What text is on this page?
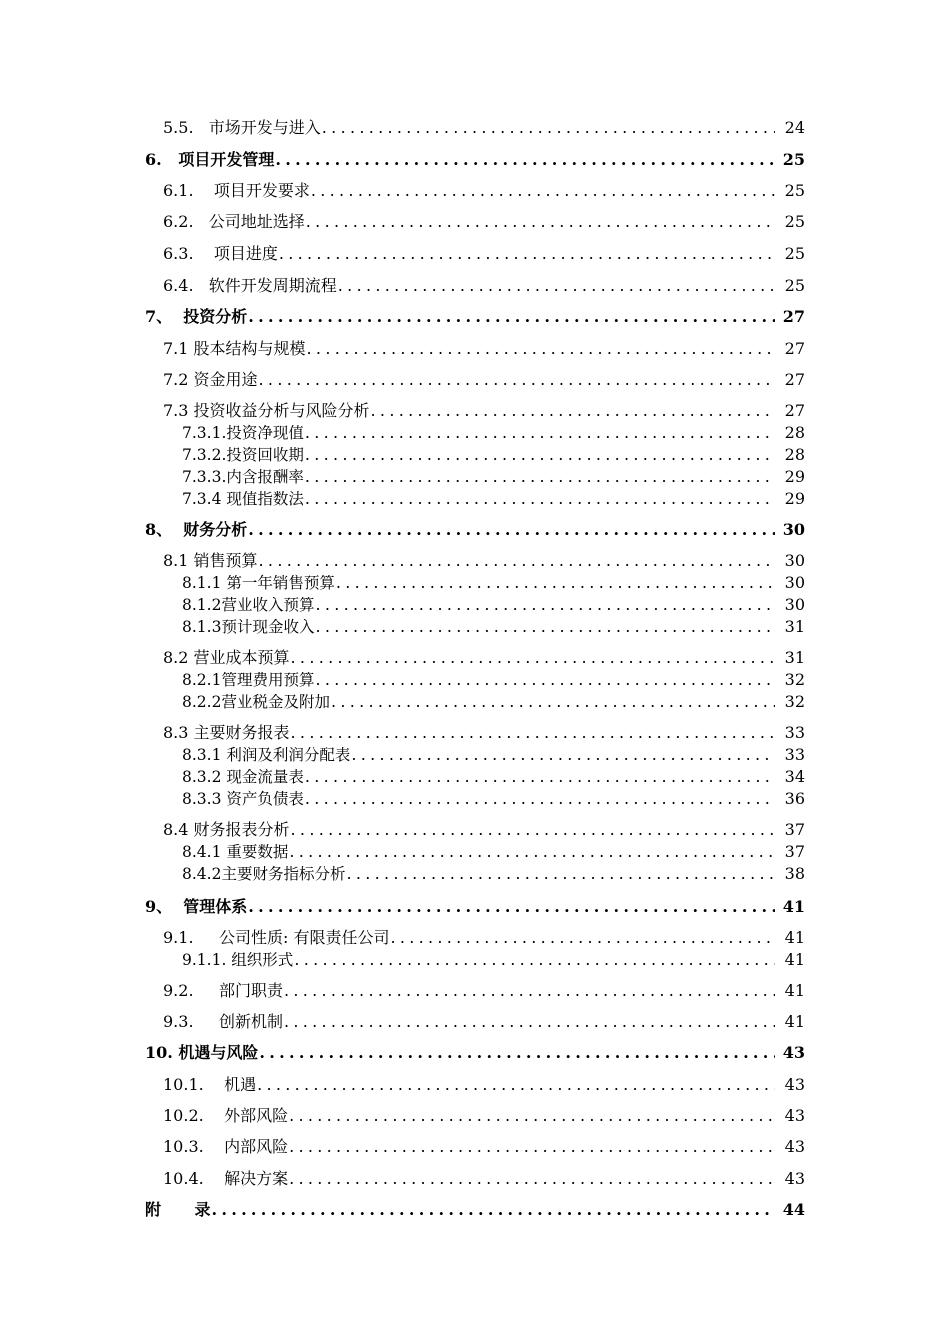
5.5.   市场开发与进入 .....	24
6.   项目开发管理 .....	25
6.1.    项目开发要求 .....	25
6.2.   公司地址选择 .....	25
6.3.    项目进度 .....	25
6.4.   软件开发周期流程 .....	25
7、  投资分析 .....	27
7.1 股本结构与规模 .....	27
7.2 资金用途 .....	27
7.3 投资收益分析与风险分析 .....	27
7.3.1.投资净现值 .....	28
7.3.2.投资回收期 .....	28
7.3.3.内含报酬率 .....	29
7.3.4 现值指数法 .....	29
8、  财务分析 .....	30
8.1 销售预算 .....	30
8.1.1 第一年销售预算 .....	30
8.1.2营业收入预算 .....	30
8.1.3预计现金收入 .....	31
8.2 营业成本预算 .....	31
8.2.1管理费用预算 .....	32
8.2.2营业税金及附加 .....	32
8.3 主要财务报表 .....	33
8.3.1 利润及利润分配表 .....	33
8.3.2 现金流量表 .....	34
8.3.3 资产负债表 .....	36
8.4 财务报表分析 .....	37
8.4.1 重要数据 .....	37
8.4.2主要财务指标分析 .....	38
9、  管理体系 .....	41
9.1.     公司性质: 有限责任公司 .....	41
9.1.1. 组织形式 .....	41
9.2.     部门职责 .....	41
9.3.     创新机制 .....	41
10. 机遇与风险 .....	43
10.1.    机遇 .....	43
10.2.    外部风险 .....	43
10.3.    内部风险 .....	43
10.4.    解决方案 .....	43
附      录 .....	44
